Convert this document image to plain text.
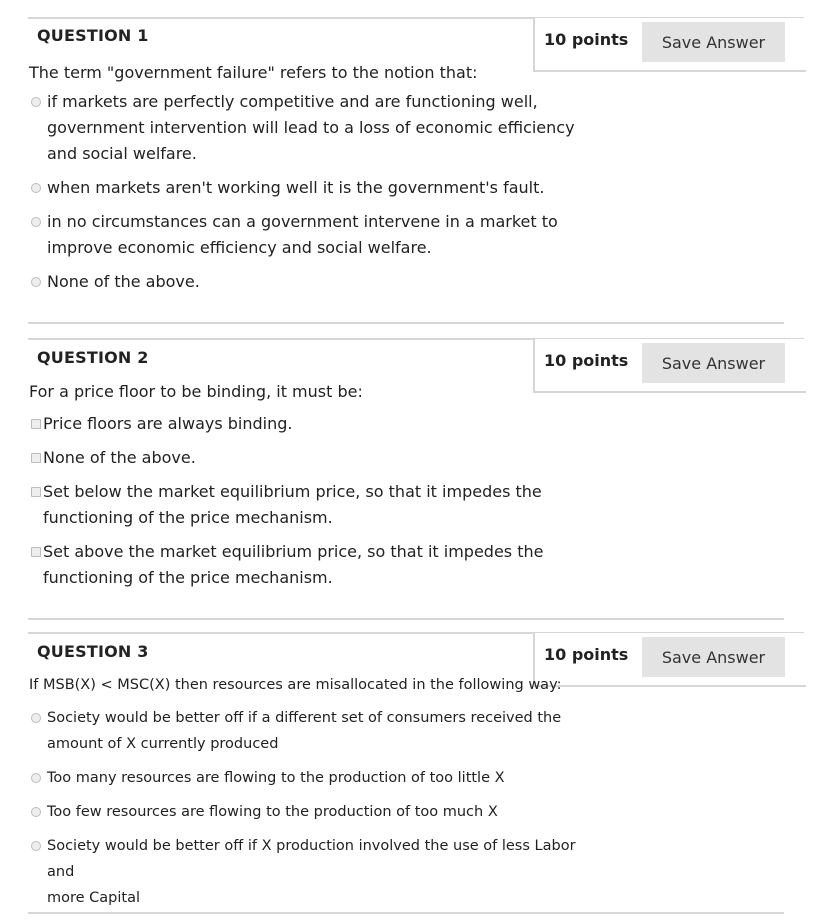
QUESTION 1	10 points	Save Answer
The term "government failure" refers to the notion that:
if markets are perfectly competitive and are functioning well,
government intervention will lead to a loss of economic efficiency
and social welfare.
when markets aren't working well it is the government's fault.
in no circumstances can a government intervene in a market to
improve economic efficiency and social welfare.
None of the above.
QUESTION 2	10 points	Save Answer
For a price floor to be binding, it must be:
Price floors are always binding.
None of the above.
Set below the market equilibrium price, so that it impedes the
functioning of the price mechanism.
Set above the market equilibrium price, so that it impedes the
functioning of the price mechanism.
QUESTION 3	10 points	Save Answer
If MSB(X) < MSC(X) then resources are misallocated in the following way:
Society would be better off if a different set of consumers received the
amount of X currently produced
Too many resources are flowing to the production of too little X
Too few resources are flowing to the production of too much X
Society would be better off if X production involved the use of less Labor and
more Capital
